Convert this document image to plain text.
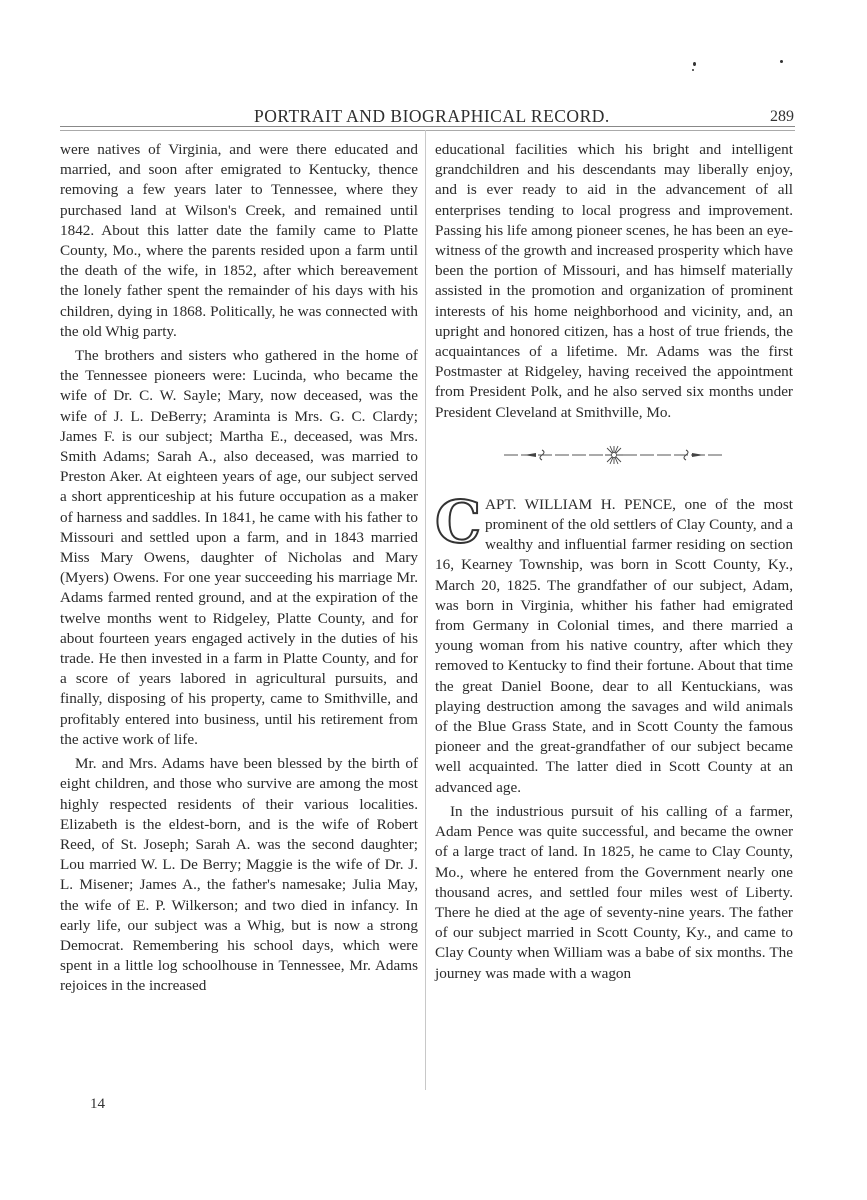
PORTRAIT AND BIOGRAPHICAL RECORD.	289

were natives of Virginia, and were there educated and married, and soon after emigrated to Kentucky, thence removing a few years later to Tennessee, where they purchased land at Wilson's Creek, and remained until 1842. About this latter date the family came to Platte County, Mo., where the parents resided upon a farm until the death of the wife, in 1852, after which bereavement the lonely father spent the remainder of his days with his children, dying in 1868. Politically, he was connected with the old Whig party.

The brothers and sisters who gathered in the home of the Tennessee pioneers were: Lucinda, who became the wife of Dr. C. W. Sayle; Mary, now deceased, was the wife of J. L. DeBerry; Araminta is Mrs. G. C. Clardy; James F. is our subject; Martha E., deceased, was Mrs. Smith Adams; Sarah A., also deceased, was married to Preston Aker. At eighteen years of age, our subject served a short apprenticeship at his future occupation as a maker of harness and saddles. In 1841, he came with his father to Missouri and settled upon a farm, and in 1843 married Miss Mary Owens, daughter of Nicholas and Mary (Myers) Owens. For one year succeeding his marriage Mr. Adams farmed rented ground, and at the expiration of the twelve months went to Ridgeley, Platte County, and for about fourteen years engaged actively in the duties of his trade. He then invested in a farm in Platte County, and for a score of years labored in agricultural pursuits, and finally, disposing of his property, came to Smithville, and profitably entered into business, until his retirement from the active work of life.

Mr. and Mrs. Adams have been blessed by the birth of eight children, and those who survive are among the most highly respected residents of their various localities. Elizabeth is the eldest-born, and is the wife of Robert Reed, of St. Joseph; Sarah A. was the second daughter; Lou married W. L. De Berry; Maggie is the wife of Dr. J. L. Misener; James A., the father's namesake; Julia May, the wife of E. P. Wilkerson; and two died in infancy. In early life, our subject was a Whig, but is now a strong Democrat. Remembering his school days, which were spent in a little log schoolhouse in Tennessee, Mr. Adams rejoices in the increased

educational facilities which his bright and intelligent grandchildren and his descendants may liberally enjoy, and is ever ready to aid in the advancement of all enterprises tending to local progress and improvement. Passing his life among pioneer scenes, he has been an eye-witness of the growth and increased prosperity which have been the portion of Missouri, and has himself materially assisted in the promotion and organization of prominent interests of his home neighborhood and vicinity, and, an upright and honored citizen, has a host of true friends, the acquaintances of a lifetime. Mr. Adams was the first Postmaster at Ridgeley, having received the appointment from President Polk, and he also served six months under President Cleveland at Smithville, Mo.

C APT. WILLIAM H. PENCE, one of the most prominent of the old settlers of Clay County, and a wealthy and influential farmer residing on section 16, Kearney Township, was born in Scott County, Ky., March 20, 1825. The grandfather of our subject, Adam, was born in Virginia, whither his father had emigrated from Germany in Colonial times, and there married a young woman from his native country, after which they removed to Kentucky to find their fortune. About that time the great Daniel Boone, dear to all Kentuckians, was playing destruction among the savages and wild animals of the Blue Grass State, and in Scott County the famous pioneer and the great-grandfather of our subject became well acquainted. The latter died in Scott County at an advanced age.

In the industrious pursuit of his calling of a farmer, Adam Pence was quite successful, and became the owner of a large tract of land. In 1825, he came to Clay County, Mo., where he entered from the Government nearly one thousand acres, and settled four miles west of Liberty. There he died at the age of seventy-nine years. The father of our subject married in Scott County, Ky., and came to Clay County when William was a babe of six months. The journey was made with a wagon

14
